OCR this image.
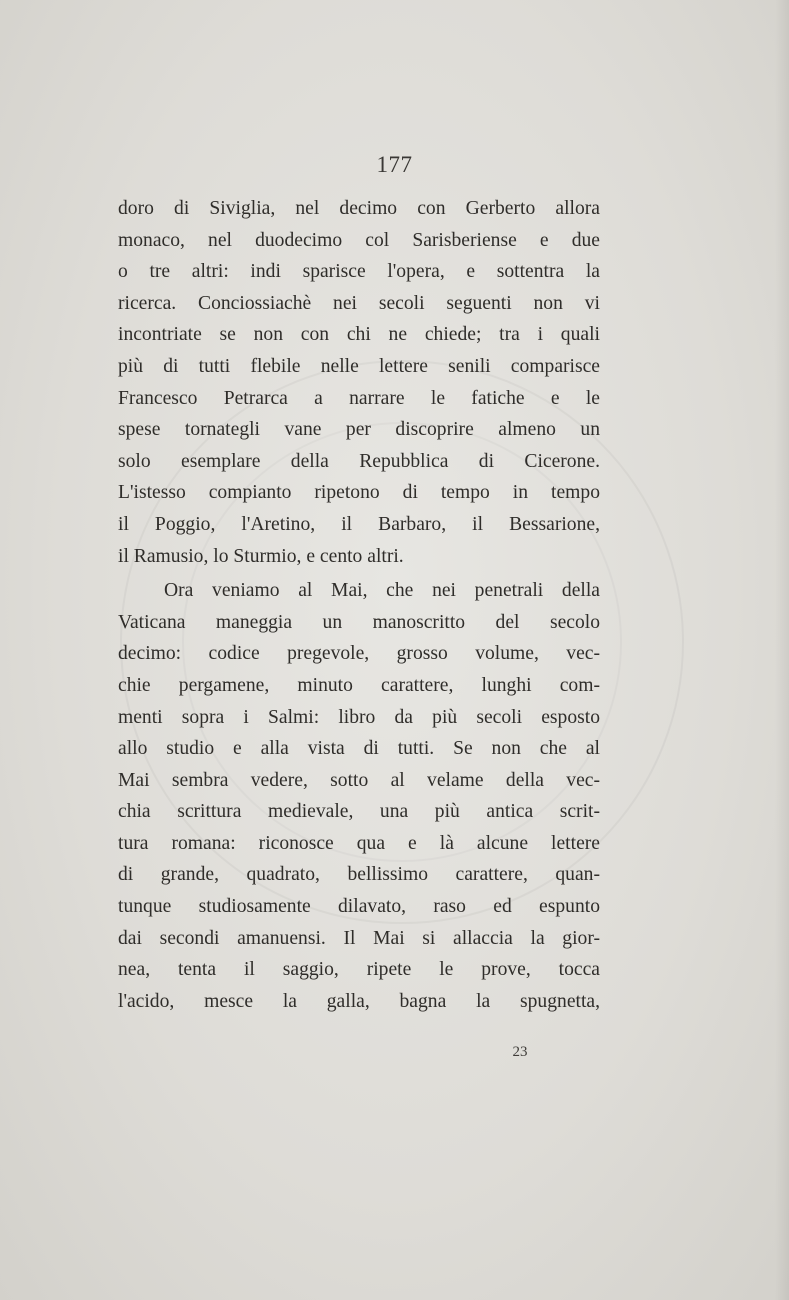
177
doro di Siviglia, nel decimo con Gerberto allora
monaco, nel duodecimo col Sarisberiense e due
o tre altri: indi sparisce l'opera, e sottentra la
ricerca. Conciossiachè nei secoli seguenti non vi
incontriate se non con chi ne chiede; tra i quali
più di tutti flebile nelle lettere senili comparisce
Francesco Petrarca a narrare le fatiche e le
spese tornategli vane per discoprire almeno un
solo esemplare della Repubblica di Cicerone.
L'istesso compianto ripetono di tempo in tempo
il Poggio, l'Aretino, il Barbaro, il Bessarione,
il Ramusio, lo Sturmio, e cento altri.
Ora veniamo al Mai, che nei penetrali della
Vaticana maneggia un manoscritto del secolo
decimo: codice pregevole, grosso volume, vec-
chie pergamene, minuto carattere, lunghi com-
menti sopra i Salmi: libro da più secoli esposto
allo studio e alla vista di tutti. Se non che al
Mai sembra vedere, sotto al velame della vec-
chia scrittura medievale, una più antica scrit-
tura romana: riconosce qua e là alcune lettere
di grande, quadrato, bellissimo carattere, quan-
tunque studiosamente dilavato, raso ed espunto
dai secondi amanuensi. Il Mai si allaccia la gior-
nea, tenta il saggio, ripete le prove, tocca
l'acido, mesce la galla, bagna la spugnetta,
23
